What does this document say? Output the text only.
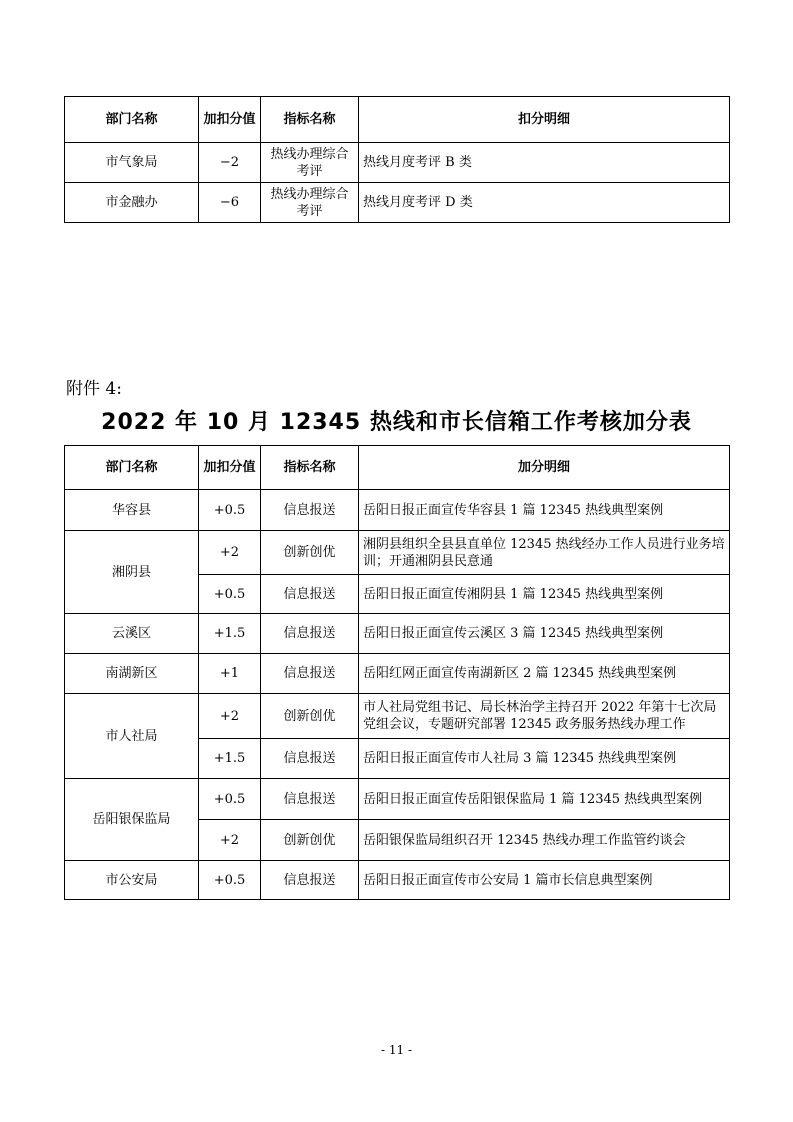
部门名称	加扣分值	指标名称	扣分明细
市气象局	−2	热线办理综合考评	热线月度考评 B 类
市金融办	−6	热线办理综合考评	热线月度考评 D 类
附件 4:
2022 年 10 月 12345 热线和市长信箱工作考核加分表
部门名称	加扣分值	指标名称	加分明细
华容县	+0.5	信息报送	岳阳日报正面宣传华容县 1 篇 12345 热线典型案例
湘阴县	+2	创新创优	湘阴县组织全县县直单位 12345 热线经办工作人员进行业务培训；开通湘阴县民意通
	+0.5	信息报送	岳阳日报正面宣传湘阴县 1 篇 12345 热线典型案例
云溪区	+1.5	信息报送	岳阳日报正面宣传云溪区 3 篇 12345 热线典型案例
南湖新区	+1	信息报送	岳阳红网正面宣传南湖新区 2 篇 12345 热线典型案例
市人社局	+2	创新创优	市人社局党组书记、局长林治学主持召开 2022 年第十七次局党组会议，专题研究部署 12345 政务服务热线办理工作
	+1.5	信息报送	岳阳日报正面宣传市人社局 3 篇 12345 热线典型案例
岳阳银保监局	+0.5	信息报送	岳阳日报正面宣传岳阳银保监局 1 篇 12345 热线典型案例
	+2	创新创优	岳阳银保监局组织召开 12345 热线办理工作监管约谈会
市公安局	+0.5	信息报送	岳阳日报正面宣传市公安局 1 篇市长信息典型案例
- 11 -
